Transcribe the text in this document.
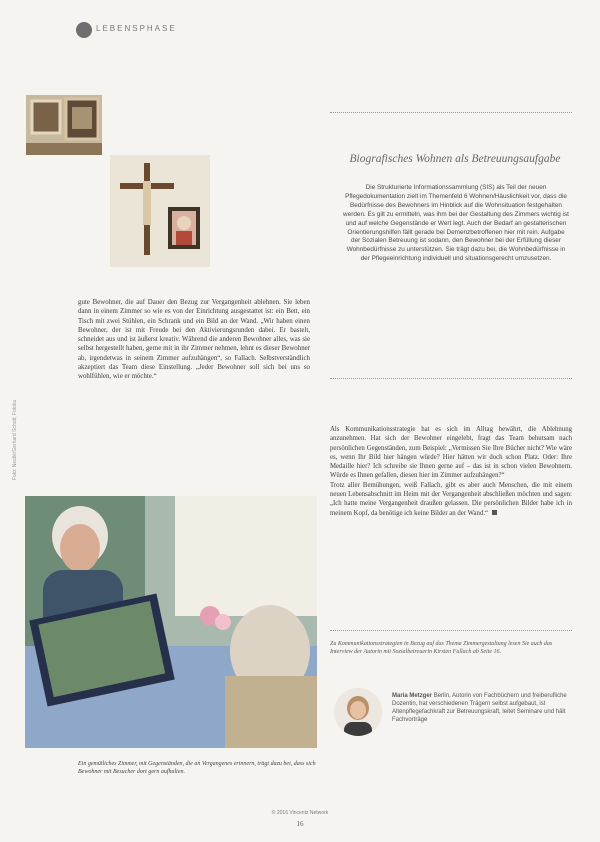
LEBENSPHASE
Foto: Nestlé/Gerhard Schott; Fotolia

gute Bewohner, die auf Dauer den Bezug zur Vergangenheit ablehnen. Sie leben dann in einem Zimmer so wie es von der Einrichtung ausgestattet ist: ein Bett, ein Tisch mit zwei Stühlen, ein Schrank und ein Bild an der Wand. „Wir haben einen Bewohner, der ist mit Freude bei den Aktivierungsrunden dabei. Er bastelt, schneidet aus und ist äußerst kreativ. Während die anderen Bewohner alles, was sie selbst hergestellt haben, gerne mit in ihr Zimmer nehmen, lehnt es dieser Bewohner ab, irgendetwas in seinem Zimmer aufzuhängen“, so Fallach. Selbstverständlich akzeptiert das Team diese Einstellung. „Jeder Bewohner soll sich bei uns so wohlfühlen, wie er möchte.“

Biografisches Wohnen als Betreuungsaufgabe
Die Strukturierte Informationssammlung (SIS) als Teil der neuen Pflegedokumentation zielt im Themenfeld 6 Wohnen/Häuslichkeit vor, dass die Bedürfnisse des Bewohners im Hinblick auf die Wohnsituation festgehalten werden. Es gilt zu ermitteln, was ihm bei der Gestaltung des Zimmers wichtig ist und auf welche Gegenstände er Wert legt. Auch der Bedarf an gestalterischen Orientierungshilfen fällt gerade bei Demenzbetroffenen hier mit rein. Aufgabe der Sozialen Betreuung ist sodann, den Bewohner bei der Erfüllung dieser Wohnbedürfnisse zu unterstützen. Sie trägt dazu bei, die Wohnbedürfnisse in der Pflegeeinrichtung individuell und situationsgerecht umzusetzen.

Als Kommunikationsstrategie hat es sich im Alltag bewährt, die Ablehnung anzunehmen. Hat sich der Bewohner eingelebt, fragt das Team behutsam nach persönlichen Gegenständen, zum Beispiel: „Vermissen Sie Ihre Bücher nicht? Wie wäre es, wenn Ihr Bild hier hängen würde? Hier hätten wir doch schon Platz. Oder: Ihre Medaille hier? Ich schreibe sie Ihnen gerne auf – das ist in schon vielen Bewohnern. Würde es Ihnen gefallen, diesen hier im Zimmer aufzuhängen?“

Trotz aller Bemühungen, weiß Fallach, gibt es aber auch Menschen, die mit einem neuen Lebensabschnitt im Heim mit der Vergangenheit abschließen möchten und sagen: „Ich hatte meine Vergangenheit draußen gelassen. Die persönlichen Bilder habe ich in meinem Kopf, da benötige ich keine Bilder an der Wand.“

Zu Kommunikationsstrategien in Bezug auf das Thema Zimmergestaltung lesen Sie auch das Interview der Autorin mit Sozialbetreuerin Kirsten Fallach ab Seite 16.
Maria Metzger Berlin, Autorin von Fachbüchern und freiberufliche Dozentin, hat verschiedenen Trägern selbst aufgebaut, ist Altenpflegefachkraft zur Betreuungskraft, leitet Seminare und hält Fachvorträge
Ein gemütliches Zimmer, mit Gegenständen, die an Vergangenes erinnern, trägt dazu bei, dass sich Bewohner mit Besucher dort gern aufhalten.
© 2016 Vincentz Network
16
